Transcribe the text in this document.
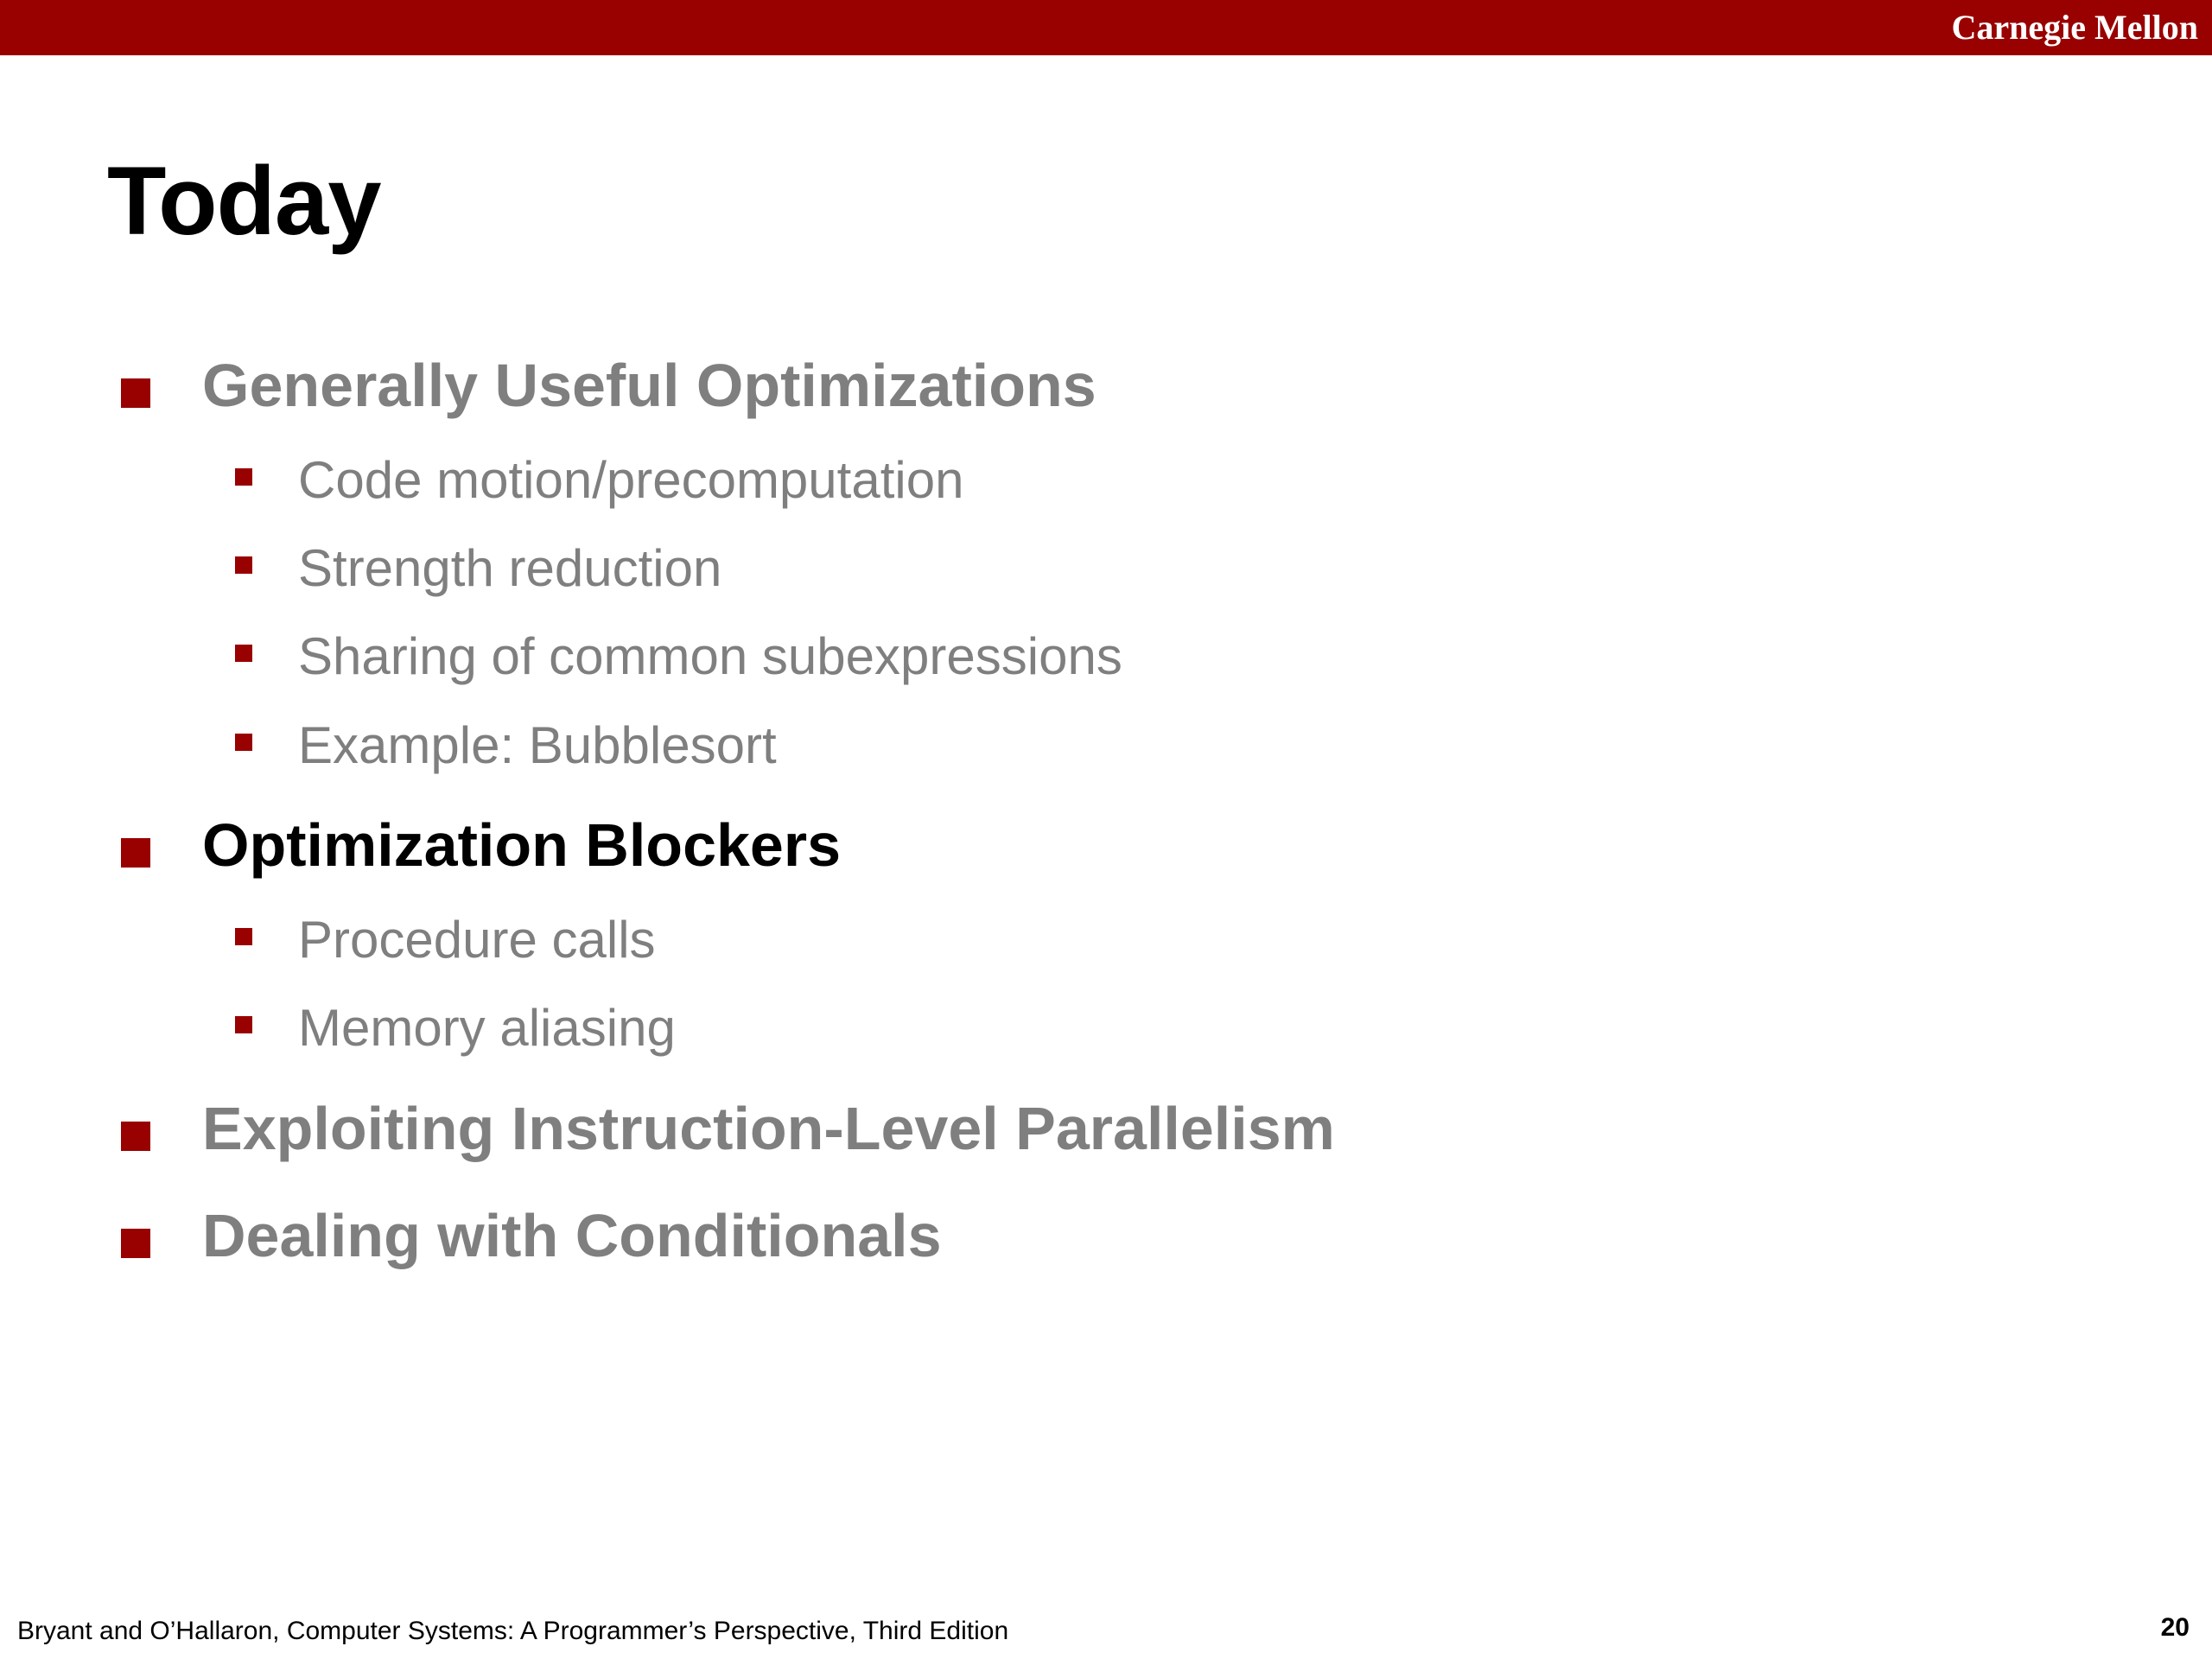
Carnegie Mellon
Today
Generally Useful Optimizations
Code motion/precomputation
Strength reduction
Sharing of common subexpressions
Example: Bubblesort
Optimization Blockers
Procedure calls
Memory aliasing
Exploiting Instruction-Level Parallelism
Dealing with Conditionals
Bryant and O’Hallaron, Computer Systems: A Programmer’s Perspective, Third Edition	20
